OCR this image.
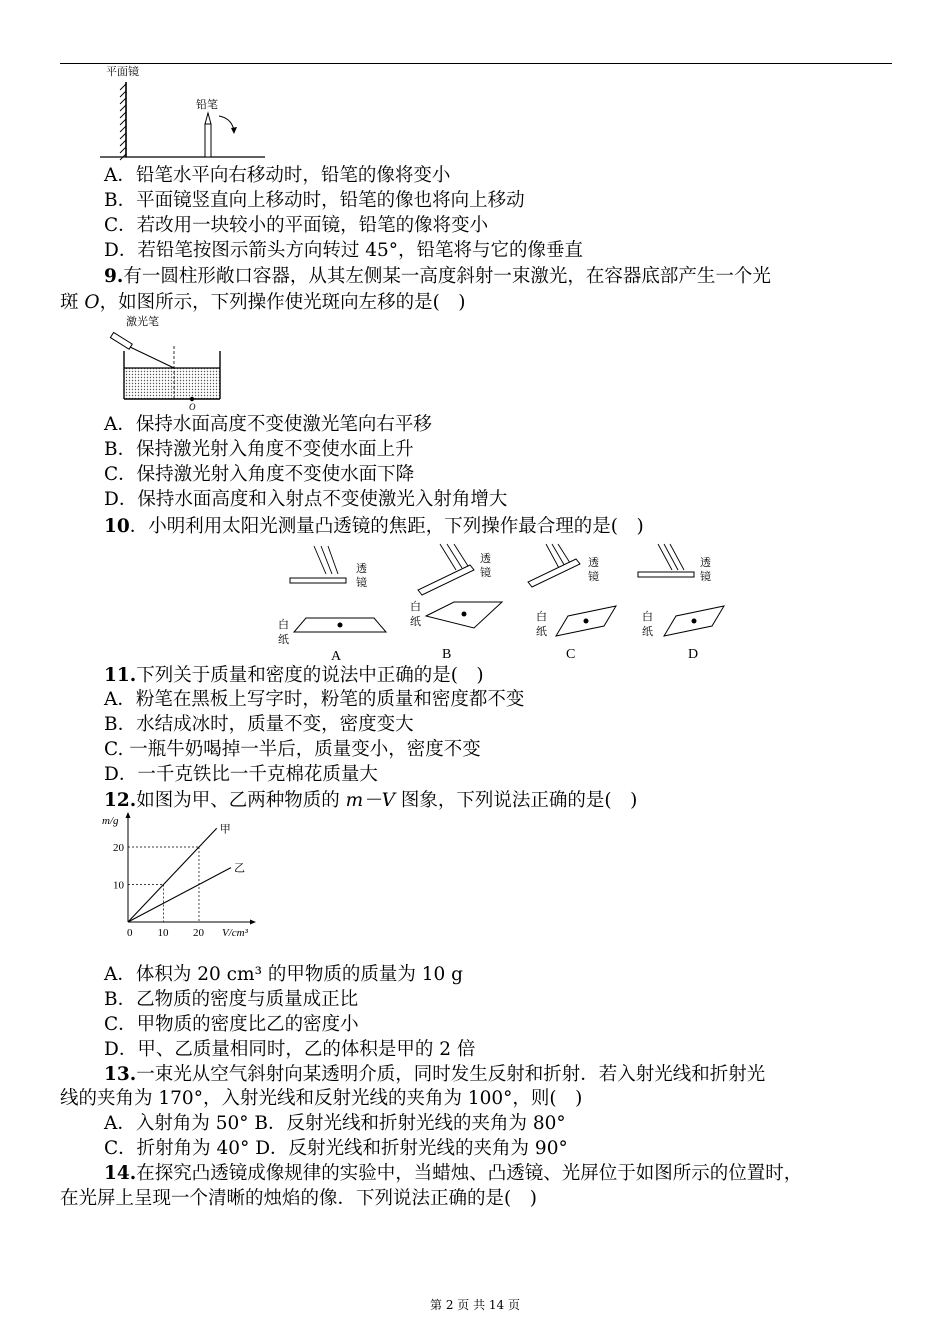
平面镜
铅笔
A．铅笔水平向右移动时，铅笔的像将变小
B．平面镜竖直向上移动时，铅笔的像也将向上移动
C．若改用一块较小的平面镜，铅笔的像将变小
D．若铅笔按图示箭头方向转过 45°，铅笔将与它的像垂直
9.有一圆柱形敞口容器，从其左侧某一高度斜射一束激光，在容器底部产生一个光
斑 O，如图所示，下列操作使光斑向左移的是(　)
激光笔
O
A．保持水面高度不变使激光笔向右平移
B．保持激光射入角度不变使水面上升
C．保持激光射入角度不变使水面下降
D．保持水面高度和入射点不变使激光入射角增大
10．小明利用太阳光测量凸透镜的焦距，下列操作最合理的是(　)
透
镜
白
纸
A
透
镜
白
纸
B
透
镜
白
纸
C
透
镜
白
纸
D
11.下列关于质量和密度的说法中正确的是(　)
A．粉笔在黑板上写字时，粉笔的质量和密度都不变
B．水结成冰时，质量不变，密度变大
C. 一瓶牛奶喝掉一半后，质量变小，密度不变
D．一千克铁比一千克棉花质量大
12.如图为甲、乙两种物质的 m－V 图象，下列说法正确的是(　)
m/g
V/cm³
甲
乙
0 10 20
10
20
A．体积为 20 cm³ 的甲物质的质量为 10 g
B．乙物质的密度与质量成正比
C．甲物质的密度比乙的密度小
D．甲、乙质量相同时，乙的体积是甲的 2 倍
13.一束光从空气斜射向某透明介质，同时发生反射和折射．若入射光线和折射光
线的夹角为 170°，入射光线和反射光线的夹角为 100°，则(　)
A．入射角为 50° B．反射光线和折射光线的夹角为 80°
C．折射角为 40° D．反射光线和折射光线的夹角为 90°
14.在探究凸透镜成像规律的实验中，当蜡烛、凸透镜、光屏位于如图所示的位置时，
在光屏上呈现一个清晰的烛焰的像．下列说法正确的是(　)
第 2 页 共 14 页
